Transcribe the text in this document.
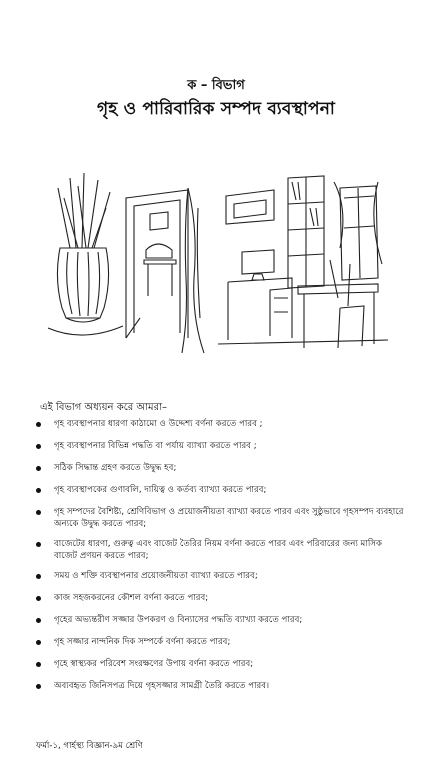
ক – বিভাগ
গৃহ ও পারিবারিক সম্পদ ব্যবস্থাপনা
এই বিভাগ অধ্যয়ন করে আমরা–
গৃহ ব্যবস্থাপনার ধারণা কাঠামো ও উদ্দেশ্য বর্ণনা করতে পারব ;
গৃহ ব্যবস্থাপনার বিভিন্ন পদ্ধতি বা পর্যায় ব্যাখ্যা করতে পারব ;
সঠিক সিদ্ধান্ত গ্রহণ করতে উদ্বুদ্ধ হব;
গৃহ ব্যবস্থাপকের গুণাবলি, দায়িত্ব ও কর্তব্য ব্যাখ্যা করতে পারব;
গৃহ সম্পদের বৈশিষ্ট্য, শ্রেণিবিভাগ ও প্রয়োজনীয়তা ব্যাখ্যা করতে পারব এবং সুষ্ঠুভাবে গৃহসম্পদ ব্যবহারে অন্যকে উদ্বুদ্ধ করতে পারব;
বাজেটের ধারণা, গুরুত্ব এবং বাজেট তৈরির নিয়ম বর্ণনা করতে পারব এবং পরিবারের জন্য মাসিক বাজেট প্রণয়ন করতে পারব;
সময় ও শক্তি ব্যবস্থাপনার প্রয়োজনীয়তা ব্যাখ্যা করতে পারব;
কাজ সহজকরনের কৌশল বর্ণনা করতে পারব;
গৃহের অভ্যন্তরীণ সজ্জার উপকরণ ও বিন্যাসের পদ্ধতি ব্যাখ্যা করতে পারব;
গৃহ সজ্জার নান্দনিক দিক সম্পর্কে বর্ণনা করতে পারব;
গৃহে স্বাস্থ্যকর পরিবেশ সংরক্ষণের উপায় বর্ণনা করতে পারব;
অব্যবহৃত জিনিসপত্র দিয়ে গৃহসজ্জার সামগ্রী তৈরি করতে পারব।
ফর্মা-১, গার্হস্থ্য বিজ্ঞান-৯ম শ্রেণি
